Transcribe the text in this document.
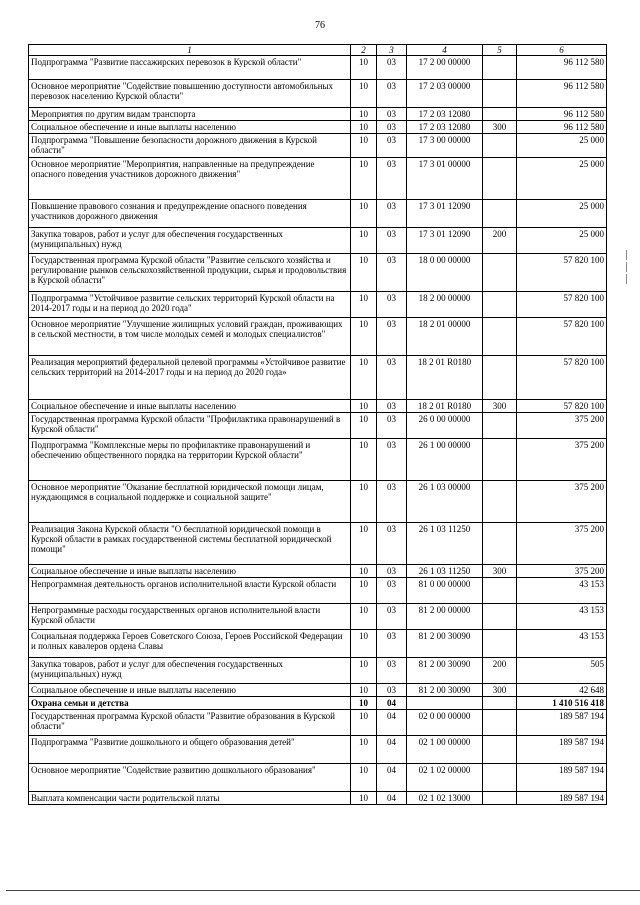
76
1	2	3	4	5	6
Подпрограмма "Развитие пассажирских перевозок в Курской области"	10	03	17 2 00 00000		96 112 580
Основное мероприятие "Содействие повышению доступности автомобильных перевозок населению Курской области"	10	03	17 2 03 00000		96 112 580
Мероприятия по другим видам транспорта	10	03	17 2 03 12080		96 112 580
Социальное обеспечение и иные выплаты населению	10	03	17 2 03 12080	300	96 112 580
Подпрограмма "Повышение безопасности дорожного движения в Курской области"	10	03	17 3 00 00000		25 000
Основное мероприятие "Мероприятия, направленные на предупреждение опасного поведения участников дорожного движения"	10	03	17 3 01 00000		25 000
Повышение правового сознания и предупреждение опасного поведения участников дорожного движения	10	03	17 3 01 12090		25 000
Закупка товаров, работ и услуг для обеспечения государственных (муниципальных) нужд	10	03	17 3 01 12090	200	25 000
Государственная программа Курской области "Развитие сельского хозяйства и регулирование рынков сельскохозяйственной продукции, сырья и продовольствия в Курской области"	10	03	18 0 00 00000		57 820 100
Подпрограмма "Устойчивое развитие сельских территорий Курской области на 2014-2017 годы и на период до 2020 года"	10	03	18 2 00 00000		57 820 100
Основное мероприятие "Улучшение жилищных условий граждан, проживающих в сельской местности, в том числе молодых семей и молодых специалистов"	10	03	18 2 01 00000		57 820 100
Реализация мероприятий федеральной целевой программы «Устойчивое развитие сельских территорий на 2014-2017 годы и на период до 2020 года»	10	03	18 2 01 R0180		57 820 100
Социальное обеспечение и иные выплаты населению	10	03	18 2 01 R0180	300	57 820 100
Государственная программа Курской области "Профилактика правонарушений в Курской области"	10	03	26 0 00 00000		375 200
Подпрограмма "Комплексные меры по профилактике правонарушений и обеспечению общественного порядка на территории Курской области"	10	03	26 1 00 00000		375 200
Основное мероприятие "Оказание бесплатной юридической помощи лицам, нуждающимся в социальной поддержке и социальной защите"	10	03	26 1 03 00000		375 200
Реализация Закона Курской области "О бесплатной юридической помощи в Курской области в рамках государственной системы бесплатной юридической помощи"	10	03	26 1 03 11250		375 200
Социальное обеспечение и иные выплаты населению	10	03	26 1 03 11250	300	375 200
Непрограммная деятельность органов исполнительной власти Курской области	10	03	81 0 00 00000		43 153
Непрограммные расходы государственных органов исполнительной власти Курской области	10	03	81 2 00 00000		43 153
Социальная поддержка Героев Советского Союза, Героев Российской Федерации и полных кавалеров ордена Славы	10	03	81 2 00 30090		43 153
Закупка товаров, работ и услуг для обеспечения государственных (муниципальных) нужд	10	03	81 2 00 30090	200	505
Социальное обеспечение и иные выплаты населению	10	03	81 2 00 30090	300	42 648
Охрана семьи и детства	10	04			1 410 516 418
Государственная программа Курской области "Развитие образования в Курской области"	10	04	02 0 00 00000		189 587 194
Подпрограмма "Развитие дошкольного и общего образования детей"	10	04	02 1 00 00000		189 587 194
Основное мероприятие "Содействие развитию дошкольного образования"	10	04	02 1 02 00000		189 587 194
Выплата компенсации части родительской платы	10	04	02 1 02 13000		189 587 194
